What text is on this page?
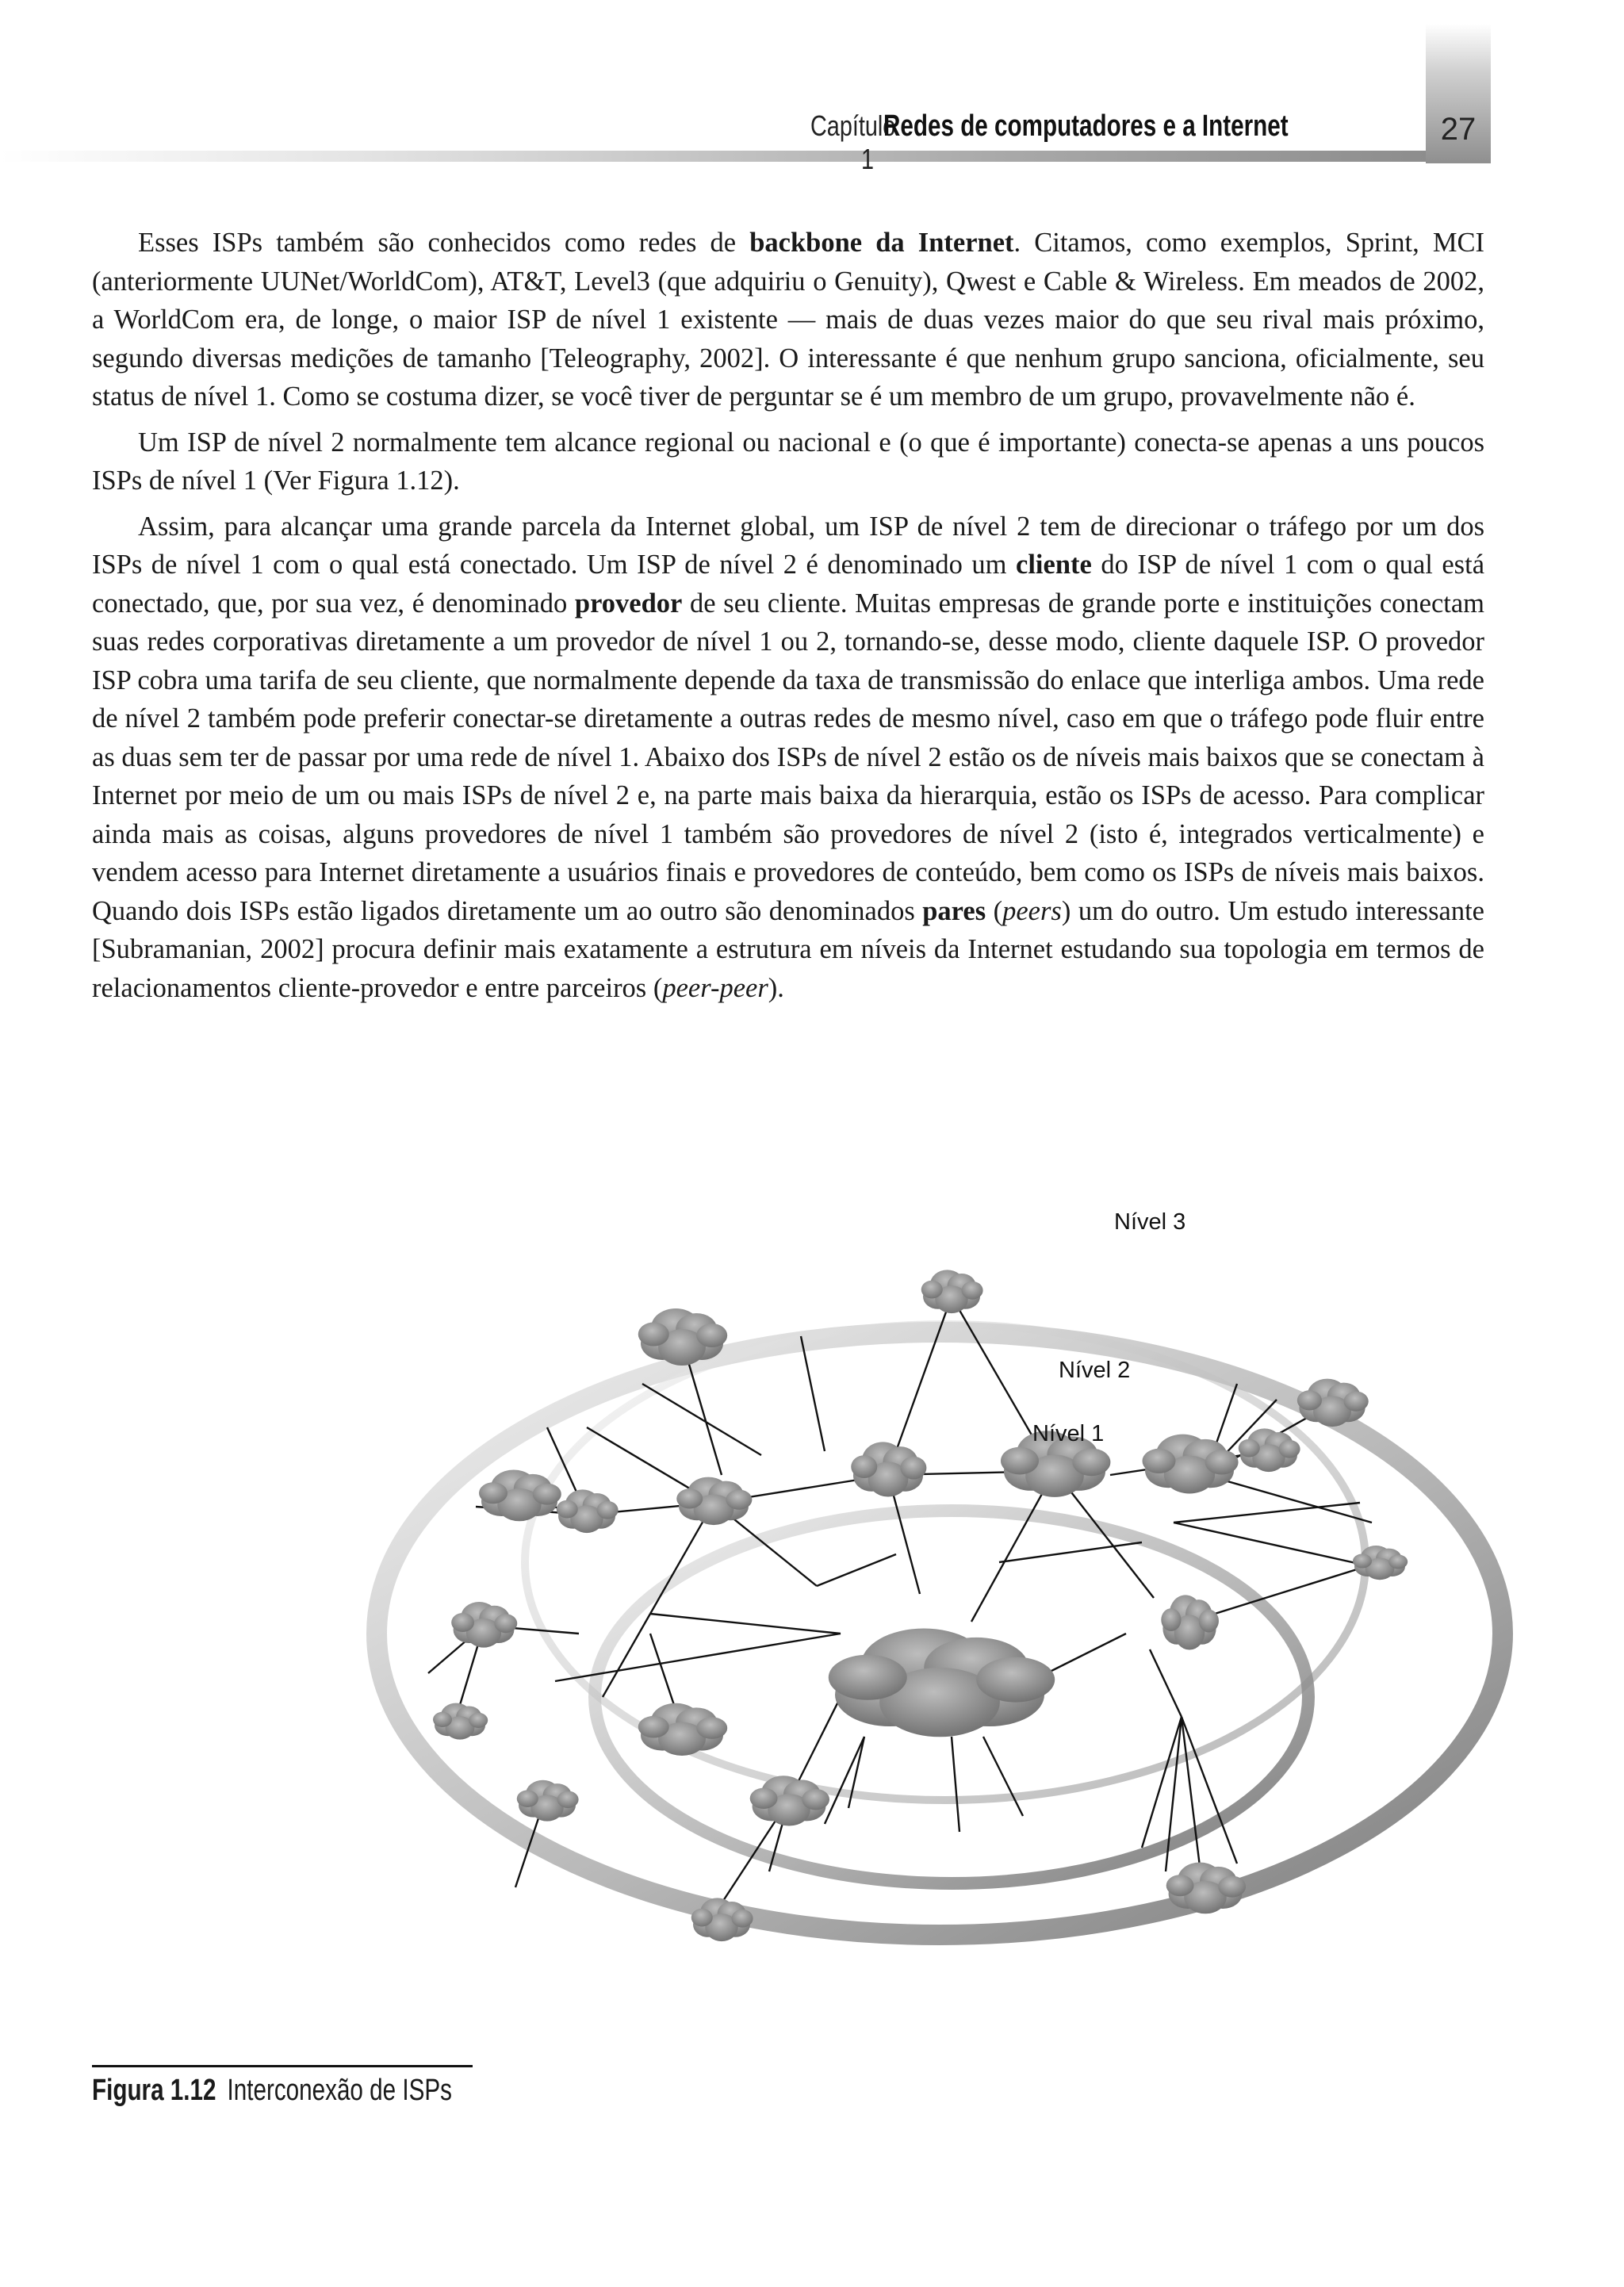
Capítulo 1
Redes de computadores e a Internet	27

Esses ISPs também são conhecidos como redes de backbone da Internet. Citamos, como exemplos, Sprint, MCI (anteriormente UUNet/WorldCom), AT&T, Level3 (que adquiriu o Genuity), Qwest e Cable & Wireless. Em meados de 2002, a WorldCom era, de longe, o maior ISP de nível 1 existente — mais de duas vezes maior do que seu rival mais próximo, segundo diversas medições de tamanho [Teleography, 2002]. O interessante é que nenhum grupo sanciona, oficialmente, seu status de nível 1. Como se costuma dizer, se você tiver de perguntar se é um membro de um grupo, provavelmente não é.

Um ISP de nível 2 normalmente tem alcance regional ou nacional e (o que é importante) conecta-se apenas a uns poucos ISPs de nível 1 (Ver Figura 1.12).

Assim, para alcançar uma grande parcela da Internet global, um ISP de nível 2 tem de direcionar o tráfego por um dos ISPs de nível 1 com o qual está conectado. Um ISP de nível 2 é denominado um cliente do ISP de nível 1 com o qual está conectado, que, por sua vez, é denominado provedor de seu cliente. Muitas empresas de grande porte e instituições conectam suas redes corporativas diretamente a um provedor de nível 1 ou 2, tornando-se, desse modo, cliente daquele ISP. O provedor ISP cobra uma tarifa de seu cliente, que normalmente depende da taxa de transmissão do enlace que interliga ambos. Uma rede de nível 2 também pode preferir conectar-se diretamente a outras redes de mesmo nível, caso em que o tráfego pode fluir entre as duas sem ter de passar por uma rede de nível 1. Abaixo dos ISPs de nível 2 estão os de níveis mais baixos que se conectam à Internet por meio de um ou mais ISPs de nível 2 e, na parte mais baixa da hierarquia, estão os ISPs de acesso. Para complicar ainda mais as coisas, alguns provedores de nível 1 também são provedores de nível 2 (isto é, integrados verticalmente) e vendem acesso para Internet diretamente a usuários finais e provedores de conteúdo, bem como os ISPs de níveis mais baixos. Quando dois ISPs estão ligados diretamente um ao outro são denominados pares (peers) um do outro. Um estudo interessante [Subramanian, 2002] procura definir mais exatamente a estrutura em níveis da Internet estudando sua topologia em termos de relacionamentos cliente-provedor e entre parceiros (peer-peer).

Nível 3
Nível 2
Nível 1
Figura 1.12 Interconexão de ISPs
